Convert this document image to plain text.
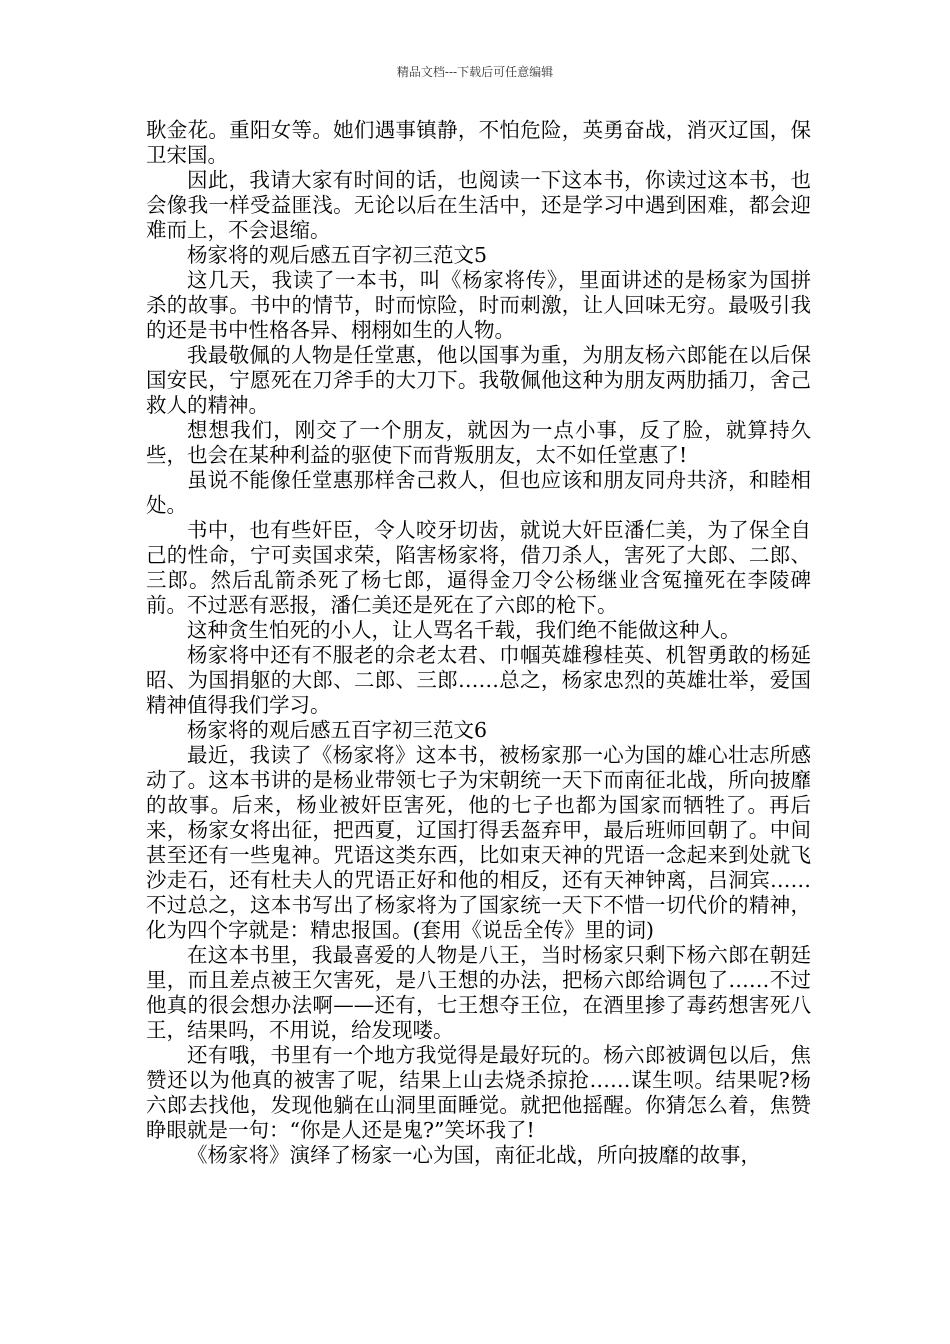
精品文档---下载后可任意编辑

耿金花。重阳女等。她们遇事镇静，不怕危险，英勇奋战，消灭辽国，保卫宋国。

因此，我请大家有时间的话，也阅读一下这本书，你读过这本书，也会像我一样受益匪浅。无论以后在生活中，还是学习中遇到困难，都会迎难而上，不会退缩。

杨家将的观后感五百字初三范文5

这几天，我读了一本书，叫《杨家将传》，里面讲述的是杨家为国拼杀的故事。书中的情节，时而惊险，时而刺激，让人回味无穷。最吸引我的还是书中性格各异、栩栩如生的人物。

我最敬佩的人物是任堂惠，他以国事为重，为朋友杨六郎能在以后保国安民，宁愿死在刀斧手的大刀下。我敬佩他这种为朋友两肋插刀，舍己救人的精神。

想想我们，刚交了一个朋友，就因为一点小事，反了脸，就算持久些，也会在某种利益的驱使下而背叛朋友，太不如任堂惠了!

虽说不能像任堂惠那样舍己救人，但也应该和朋友同舟共济，和睦相处。

书中，也有些奸臣，令人咬牙切齿，就说大奸臣潘仁美，为了保全自己的性命，宁可卖国求荣，陷害杨家将，借刀杀人，害死了大郎、二郎、三郎。然后乱箭杀死了杨七郎，逼得金刀令公杨继业含冤撞死在李陵碑前。不过恶有恶报，潘仁美还是死在了六郎的枪下。

这种贪生怕死的小人，让人骂名千载，我们绝不能做这种人。

杨家将中还有不服老的佘老太君、巾帼英雄穆桂英、机智勇敢的杨延昭、为国捐躯的大郎、二郎、三郎……总之，杨家忠烈的英雄壮举，爱国精神值得我们学习。

杨家将的观后感五百字初三范文6

最近，我读了《杨家将》这本书，被杨家那一心为国的雄心壮志所感动了。这本书讲的是杨业带领七子为宋朝统一天下而南征北战，所向披靡的故事。后来，杨业被奸臣害死，他的七子也都为国家而牺牲了。再后来，杨家女将出征，把西夏，辽国打得丢盔弃甲，最后班师回朝了。中间甚至还有一些鬼神。咒语这类东西，比如束天神的咒语一念起来到处就飞沙走石，还有杜夫人的咒语正好和他的相反，还有天神钟离，吕洞宾……不过总之，这本书写出了杨家将为了国家统一天下不惜一切代价的精神，化为四个字就是：精忠报国。(套用《说岳全传》里的词)

在这本书里，我最喜爱的人物是八王，当时杨家只剩下杨六郎在朝廷里，而且差点被王欠害死，是八王想的办法，把杨六郎给调包了……不过他真的很会想办法啊——还有，七王想夺王位，在酒里掺了毒药想害死八王，结果吗，不用说，给发现喽。

还有哦，书里有一个地方我觉得是最好玩的。杨六郎被调包以后，焦赞还以为他真的被害了呢，结果上山去烧杀掠抢……谋生呗。结果呢?杨六郎去找他，发现他躺在山洞里面睡觉。就把他摇醒。你猜怎么着，焦赞睁眼就是一句：“你是人还是鬼?”笑坏我了!

《杨家将》演绎了杨家一心为国，南征北战，所向披靡的故事，
